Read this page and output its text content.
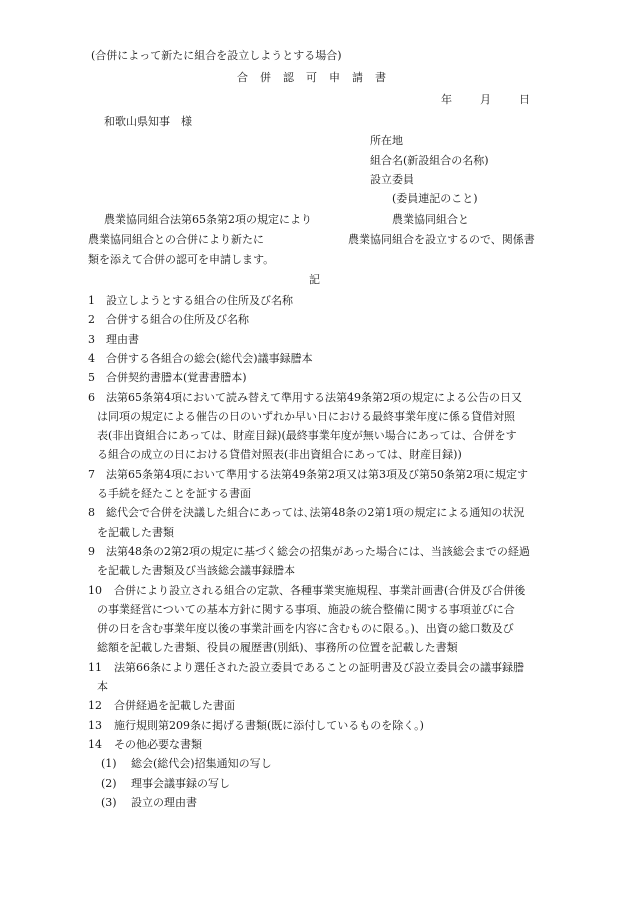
(合併によって新たに組合を設立しようとする場合)
合併認可申請書
年	月	日
和歌山県知事　様
所在地
組合名(新設組合の名称)
設立委員
(委員連記のこと)
農業協同組合法第65条第2項の規定により	農業協同組合と
農業協同組合との合併により新たに	農業協同組合を設立するので、関係書
類を添えて合併の認可を申請します。
記
1 設立しようとする組合の住所及び名称
2 合併する組合の住所及び名称
3 理由書
4 合併する各組合の総会(総代会)議事録謄本
5 合併契約書謄本(覚書書謄本)
6 法第65条第4項において読み替えて準用する法第49条第2項の規定による公告の日又
は同項の規定による催告の日のいずれか早い日における最終事業年度に係る貸借対照
表(非出資組合にあっては、財産目録)(最終事業年度が無い場合にあっては、合併をす
る組合の成立の日における貸借対照表(非出資組合にあっては、財産目録))
7 法第65条第4項において準用する法第49条第2項又は第3項及び第50条第2項に規定す
る手続を経たことを証する書面
8 総代会で合併を決議した組合にあっては､法第48条の2第1項の規定による通知の状況
を記載した書類
9 法第48条の2第2項の規定に基づく総会の招集があった場合には、当該総会までの経過
を記載した書類及び当該総会議事録謄本
10 合併により設立される組合の定款、各種事業実施規程、事業計画書(合併及び合併後
の事業経営についての基本方針に関する事項、施設の統合整備に関する事項並びに合
併の日を含む事業年度以後の事業計画を内容に含むものに限る。)、出資の総口数及び
総額を記載した書類、役員の履歴書(別紙)、事務所の位置を記載した書類
11 法第66条により選任された設立委員であることの証明書及び設立委員会の議事録謄
本
12 合併経過を記載した書面
13 施行規則第209条に掲げる書類(既に添付しているものを除く。)
14 その他必要な書類
(1) 総会(総代会)招集通知の写し
(2) 理事会議事録の写し
(3) 設立の理由書
